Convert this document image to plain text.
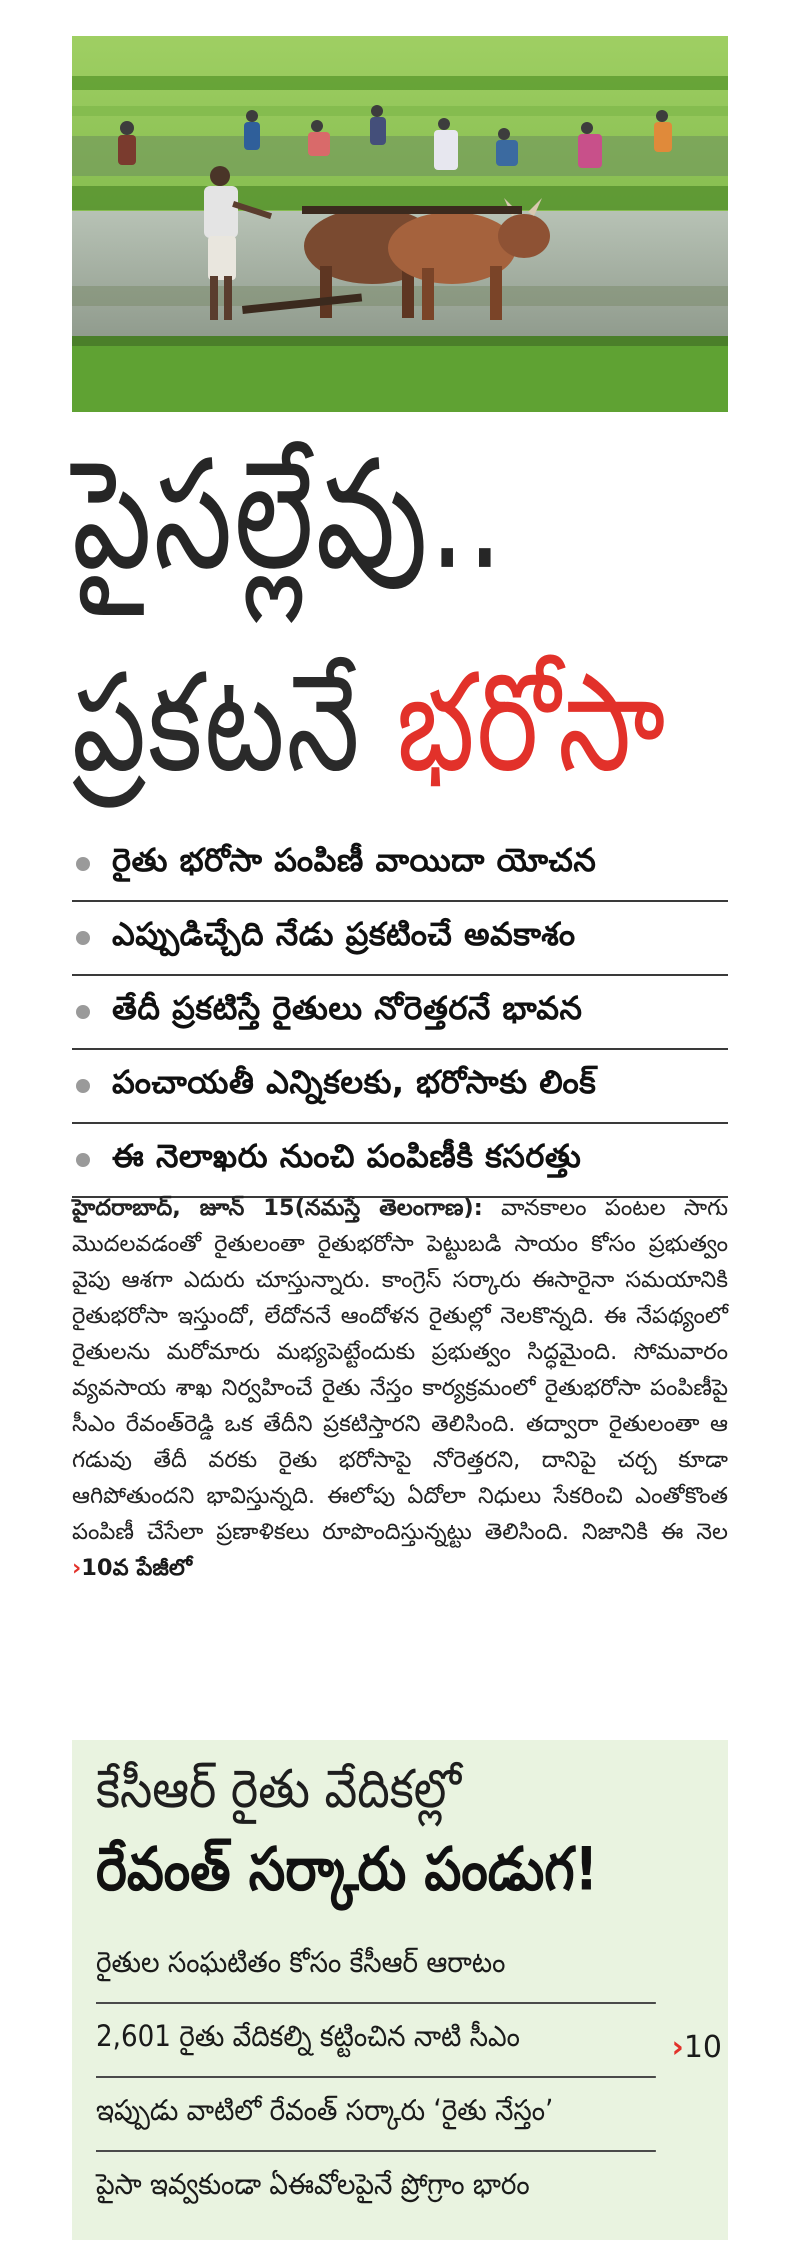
పైసల్లేవు..
ప్రకటనే భరోసా
రైతు భరోసా పంపిణీ వాయిదా యోచన
ఎప్పుడిచ్చేది నేడు ప్రకటించే అవకాశం
తేదీ ప్రకటిస్తే రైతులు నోరెత్తరనే భావన
పంచాయతీ ఎన్నికలకు, భరోసాకు లింక్
ఈ నెలాఖరు నుంచి పంపిణీకి కసరత్తు

హైదరాబాద్, జూన్ 15(నమస్తే తెలంగాణ): వానకాలం పంటల సాగు మొదలవడంతో రైతులంతా రైతుభరోసా పెట్టుబడి సాయం కోసం ప్రభుత్వం వైపు ఆశగా ఎదురు చూస్తున్నారు. కాంగ్రెస్ సర్కారు ఈసారైనా సమయానికి రైతుభరోసా ఇస్తుందో, లేదోననే ఆందోళన రైతుల్లో నెలకొన్నది. ఈ నేపథ్యంలో రైతులను మరోమారు మభ్యపెట్టేందుకు ప్రభుత్వం సిద్ధమైంది. సోమవారం వ్యవసాయ శాఖ నిర్వహించే రైతు నేస్తం కార్యక్రమంలో రైతుభరోసా పంపిణీపై సీఎం రేవంత్‌రెడ్డి ఒక తేదీని ప్రకటిస్తారని తెలిసింది. తద్వారా రైతులంతా ఆ గడువు తేదీ వరకు రైతు భరోసాపై నోరెత్తరని, దానిపై చర్చ కూడా ఆగిపోతుందని భావిస్తున్నది. ఈలోపు ఏదోలా నిధులు సేకరించి ఎంతోకొంత పంపిణీ చేసేలా ప్రణాళికలు రూపొందిస్తున్నట్టు తెలిసింది. నిజానికి ఈ నెల ›10వ పేజీలో

కేసీఆర్ రైతు వేదికల్లో
రేవంత్ సర్కారు పండుగ!
రైతుల సంఘటితం కోసం కేసీఆర్ ఆరాటం
2,601 రైతు వేదికల్ని కట్టించిన నాటి సీఎం
ఇప్పుడు వాటిలో రేవంత్ సర్కారు ‘రైతు నేస్తం’
పైసా ఇవ్వకుండా ఏఈవోలపైనే ప్రోగ్రాం భారం
›10
